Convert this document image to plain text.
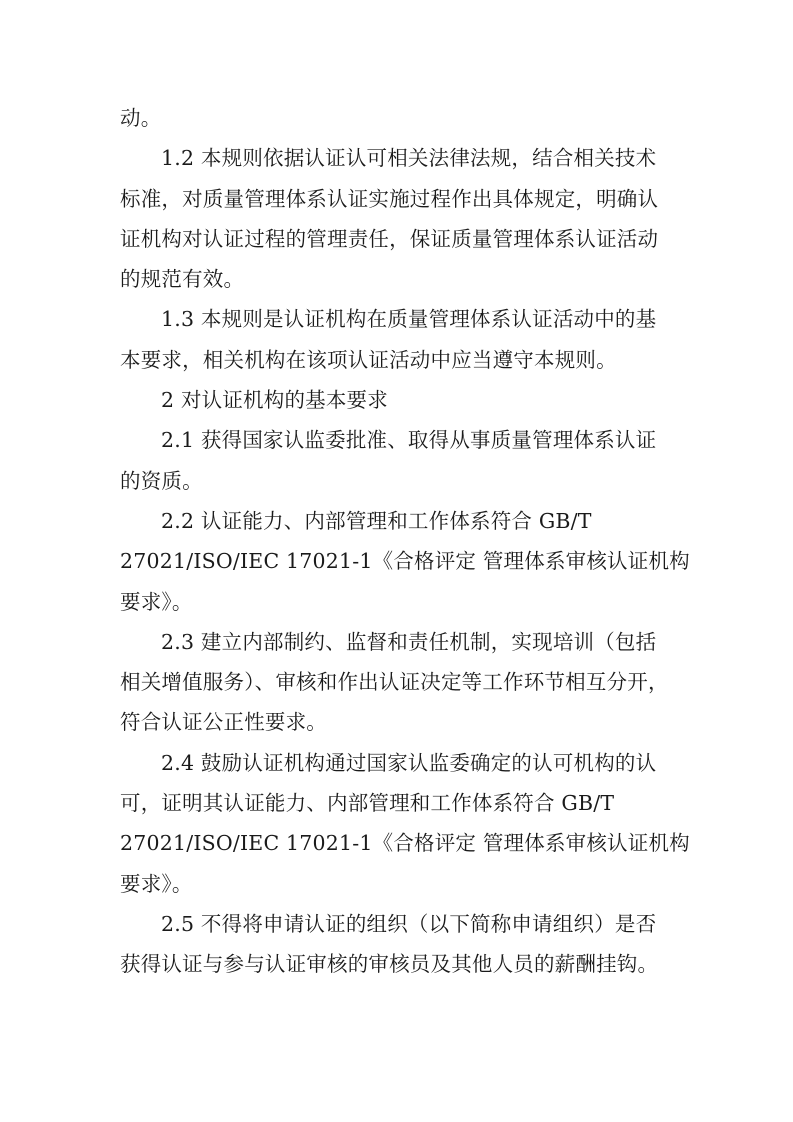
动。
1.2 本规则依据认证认可相关法律法规，结合相关技术
标准，对质量管理体系认证实施过程作出具体规定，明确认
证机构对认证过程的管理责任，保证质量管理体系认证活动
的规范有效。
1.3 本规则是认证机构在质量管理体系认证活动中的基
本要求，相关机构在该项认证活动中应当遵守本规则。
2 对认证机构的基本要求
2.1 获得国家认监委批准、取得从事质量管理体系认证
的资质。
2.2 认证能力、内部管理和工作体系符合 GB/T
27021/ISO/IEC 17021-1《合格评定 管理体系审核认证机构
要求》。
2.3 建立内部制约、监督和责任机制，实现培训（包括
相关增值服务）、审核和作出认证决定等工作环节相互分开，
符合认证公正性要求。
2.4 鼓励认证机构通过国家认监委确定的认可机构的认
可，证明其认证能力、内部管理和工作体系符合 GB/T
27021/ISO/IEC 17021-1《合格评定 管理体系审核认证机构
要求》。
2.5 不得将申请认证的组织（以下简称申请组织）是否
获得认证与参与认证审核的审核员及其他人员的薪酬挂钩。
